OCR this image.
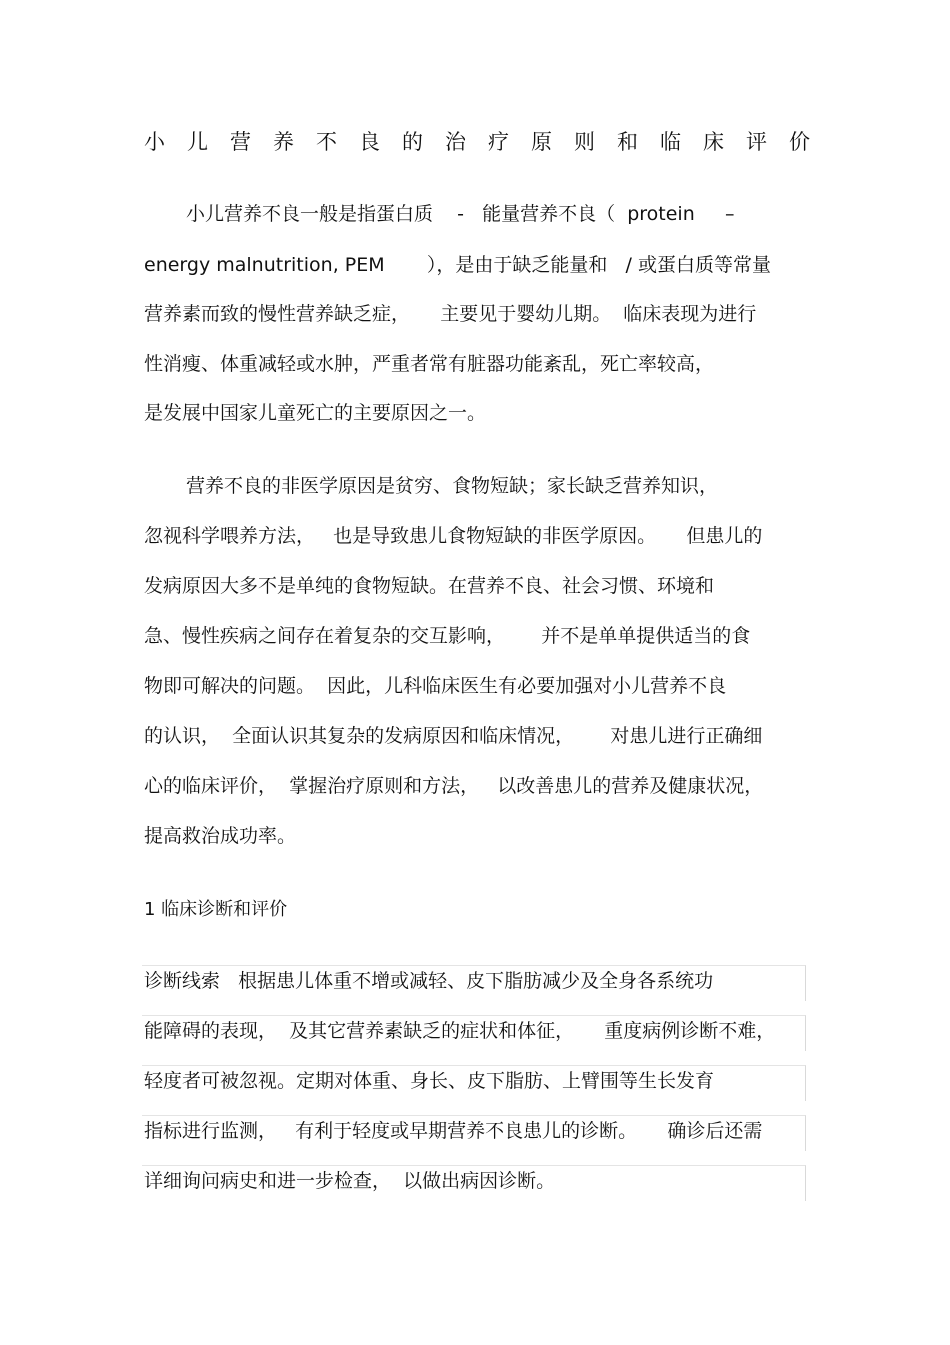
小儿营养不良的治疗原则和临床评价

小儿营养不良一般是指蛋白质    -   能量营养不良（  protein     –

energy malnutrition, PEM       ），是由于缺乏能量和   / 或蛋白质等常量

营养素而致的慢性营养缺乏症，     主要见于婴幼儿期。  临床表现为进行

性消瘦、体重减轻或水肿，严重者常有脏器功能紊乱，死亡率较高，

是发展中国家儿童死亡的主要原因之一。

营养不良的非医学原因是贫穷、食物短缺；家长缺乏营养知识，

忽视科学喂养方法，   也是导致患儿食物短缺的非医学原因。     但患儿的

发病原因大多不是单纯的食物短缺。在营养不良、社会习惯、环境和

急、慢性疾病之间存在着复杂的交互影响，      并不是单单提供适当的食

物即可解决的问题。  因此，儿科临床医生有必要加强对小儿营养不良

的认识，  全面认识其复杂的发病原因和临床情况，      对患儿进行正确细

心的临床评价，  掌握治疗原则和方法，   以改善患儿的营养及健康状况，

提高救治成功率。

1 临床诊断和评价

诊断线索   根据患儿体重不增或减轻、皮下脂肪减少及全身各系统功

能障碍的表现，  及其它营养素缺乏的症状和体征，     重度病例诊断不难，

轻度者可被忽视。定期对体重、身长、皮下脂肪、上臂围等生长发育

指标进行监测，   有利于轻度或早期营养不良患儿的诊断。     确诊后还需

详细询问病史和进一步检查，  以做出病因诊断。
